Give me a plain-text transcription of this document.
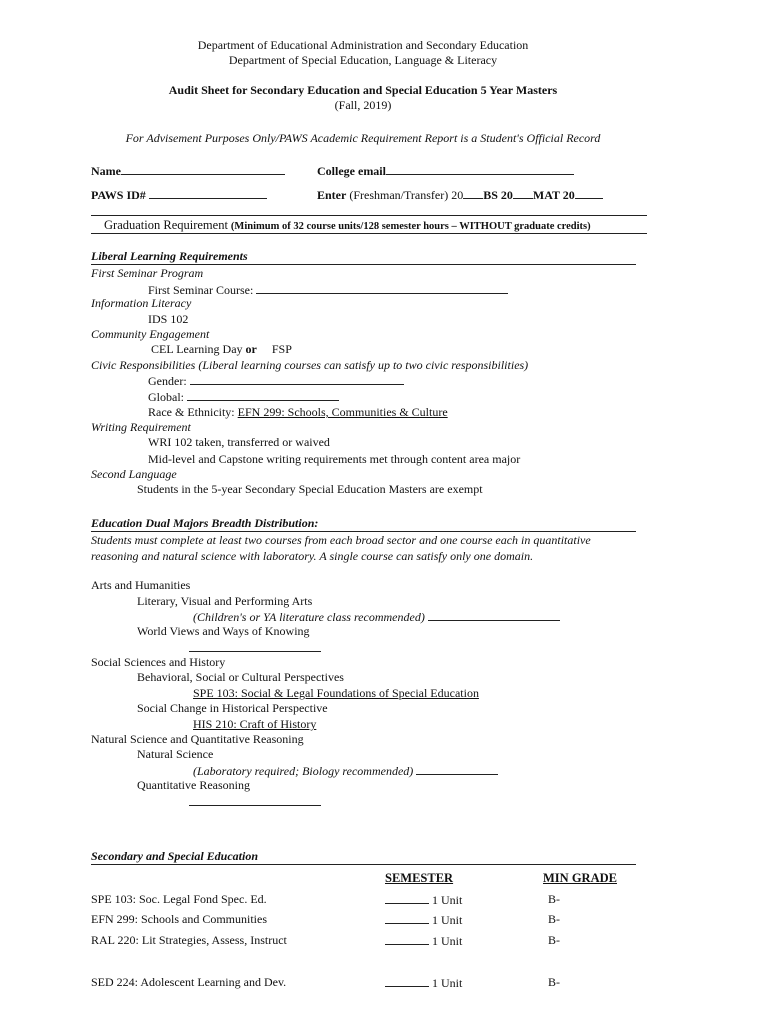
Department of Educational Administration and Secondary Education
Department of Special Education, Language & Literacy
Audit Sheet for Secondary Education and Special Education 5 Year Masters
(Fall, 2019)
For Advisement Purposes Only/PAWS Academic Requirement Report is a Student's Official Record
Name	College email
PAWS ID#	Enter (Freshman/Transfer) 20 BS 20 MAT 20
Graduation Requirement (Minimum of 32 course units/128 semester hours – WITHOUT graduate credits)
Liberal Learning Requirements
First Seminar Program
First Seminar Course:
Information Literacy
IDS 102
Community Engagement
CEL Learning Day or FSP
Civic Responsibilities (Liberal learning courses can satisfy up to two civic responsibilities)
Gender:
Global:
Race & Ethnicity: EFN 299: Schools, Communities & Culture
Writing Requirement
WRI 102 taken, transferred or waived
Mid-level and Capstone writing requirements met through content area major
Second Language
Students in the 5-year Secondary Special Education Masters are exempt
Education Dual Majors Breadth Distribution:
Students must complete at least two courses from each broad sector and one course each in quantitative
reasoning and natural science with laboratory. A single course can satisfy only one domain.
Arts and Humanities
Literary, Visual and Performing Arts
(Children's or YA literature class recommended)
World Views and Ways of Knowing
Social Sciences and History
Behavioral, Social or Cultural Perspectives
SPE 103: Social & Legal Foundations of Special Education
Social Change in Historical Perspective
HIS 210: Craft of History
Natural Science and Quantitative Reasoning
Natural Science
(Laboratory required; Biology recommended)
Quantitative Reasoning
Secondary and Special Education
SEMESTER	MIN GRADE
SPE 103: Soc. Legal Fond Spec. Ed.	1 Unit	B-
EFN 299: Schools and Communities	1 Unit	B-
RAL 220: Lit Strategies, Assess, Instruct	1 Unit	B-
SED 224: Adolescent Learning and Dev.	1 Unit	B-
